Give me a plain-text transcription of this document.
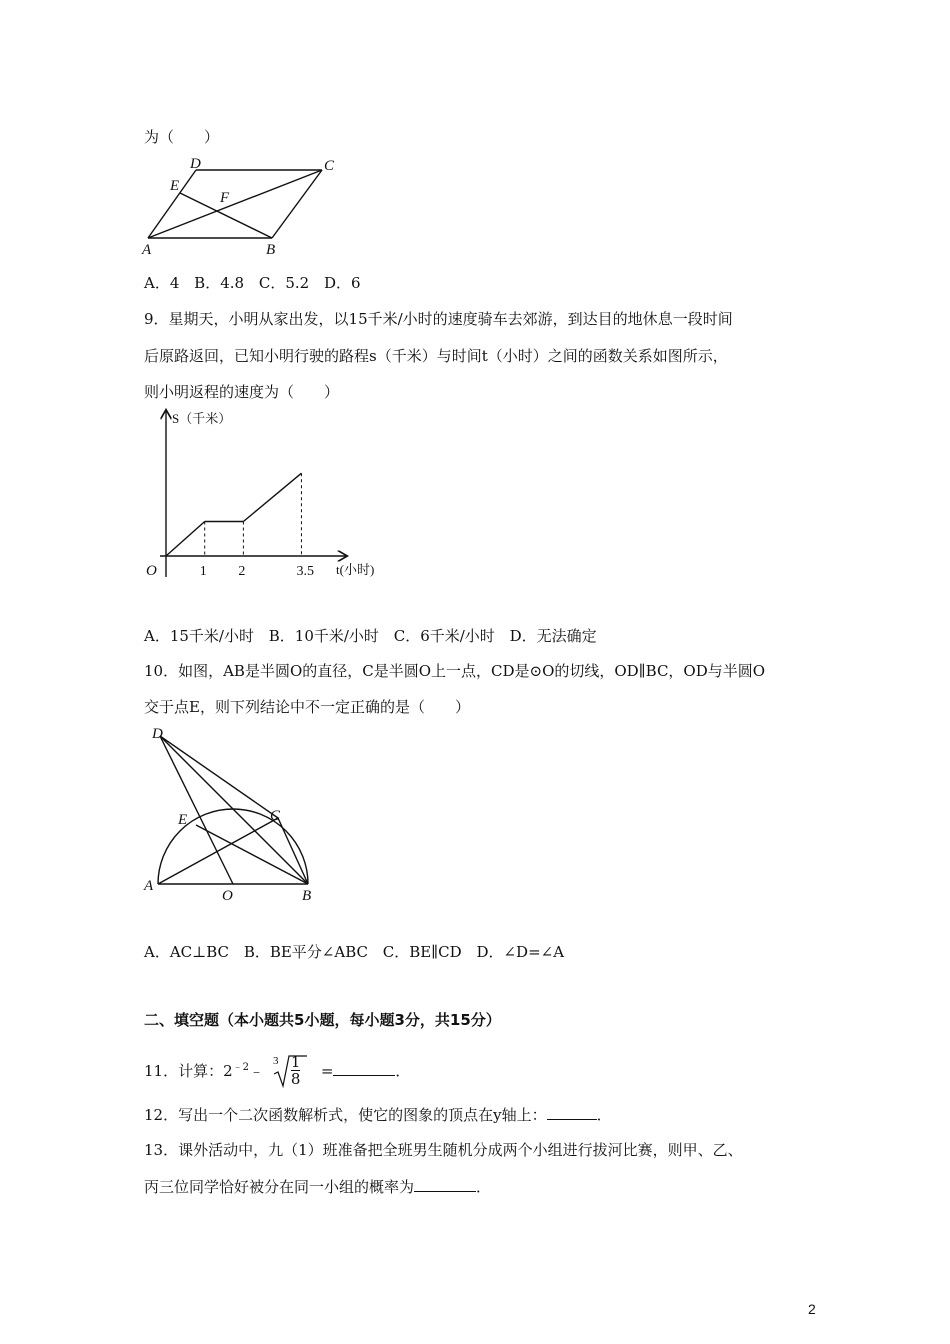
为（　　）
D	C
E
F
A	B
A．4 B．4.8 C．5.2 D．6
9．星期天，小明从家出发，以15千米/小时的速度骑车去郊游，到达目的地休息一段时间
后原路返回，已知小明行驶的路程s（千米）与时间t（小时）之间的函数关系如图所示，
则小明返程的速度为（　　）
S（千米）
t(小时)
O	1 2	3.5
A．15千米/小时 B．10千米/小时 C．6千米/小时 D．无法确定
10．如图，AB是半圆O的直径，C是半圆O上一点，CD是⊙O的切线，OD∥BC，OD与半圆O
交于点E，则下列结论中不一定正确的是（　　）
D
E	C
A
O	B
A．AC⊥BC B．BE平分∠ABC C．BE∥CD D．∠D=∠A
二、填空题（本小题共5小题，每小题3分，共15分）
11．计算：$2^{﹣2}﹣$
$3 \frac{1}{8}$ =	．
12．写出一个二次函数解析式，使它的图象的顶点在y轴上：	．
13．课外活动中，九（1）班准备把全班男生随机分成两个小组进行拔河比赛，则甲、乙、
丙三位同学恰好被分在同一小组的概率为	．
2
